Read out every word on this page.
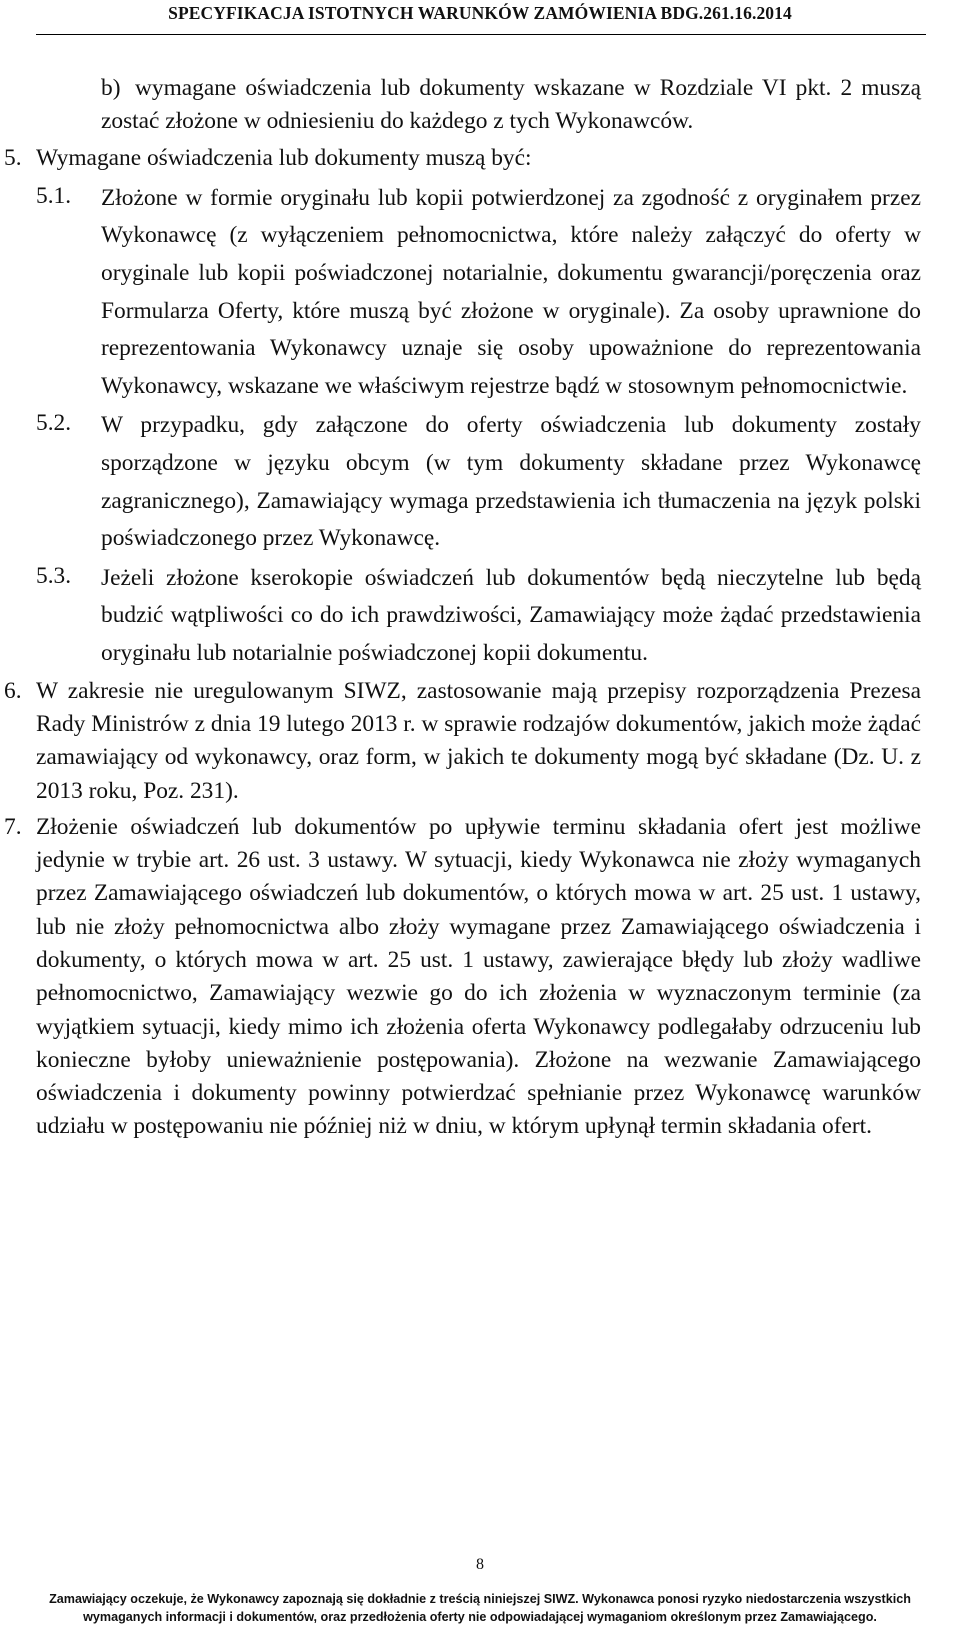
SPECYFIKACJA ISTOTNYCH WARUNKÓW ZAMÓWIENIA BDG.261.16.2014
b) wymagane oświadczenia lub dokumenty wskazane w Rozdziale VI pkt. 2 muszą zostać złożone w odniesieniu do każdego z tych Wykonawców.
5. Wymagane oświadczenia lub dokumenty muszą być:
5.1. Złożone w formie oryginału lub kopii potwierdzonej za zgodność z oryginałem przez Wykonawcę (z wyłączeniem pełnomocnictwa, które należy załączyć do oferty w oryginale lub kopii poświadczonej notarialnie, dokumentu gwarancji/poręczenia oraz Formularza Oferty, które muszą być złożone w oryginale). Za osoby uprawnione do reprezentowania Wykonawcy uznaje się osoby upoważnione do reprezentowania Wykonawcy, wskazane we właściwym rejestrze bądź w stosownym pełnomocnictwie.
5.2. W przypadku, gdy załączone do oferty oświadczenia lub dokumenty zostały sporządzone w języku obcym (w tym dokumenty składane przez Wykonawcę zagranicznego), Zamawiający wymaga przedstawienia ich tłumaczenia na język polski poświadczonego przez Wykonawcę.
5.3. Jeżeli złożone kserokopie oświadczeń lub dokumentów będą nieczytelne lub będą budzić wątpliwości co do ich prawdziwości, Zamawiający może żądać przedstawienia oryginału lub notarialnie poświadczonej kopii dokumentu.
6. W zakresie nie uregulowanym SIWZ, zastosowanie mają przepisy rozporządzenia Prezesa Rady Ministrów z dnia 19 lutego 2013 r. w sprawie rodzajów dokumentów, jakich może żądać zamawiający od wykonawcy, oraz form, w jakich te dokumenty mogą być składane (Dz. U. z 2013 roku, Poz. 231).
7. Złożenie oświadczeń lub dokumentów po upływie terminu składania ofert jest możliwe jedynie w trybie art. 26 ust. 3 ustawy. W sytuacji, kiedy Wykonawca nie złoży wymaganych przez Zamawiającego oświadczeń lub dokumentów, o których mowa w art. 25 ust. 1 ustawy, lub nie złoży pełnomocnictwa albo złoży wymagane przez Zamawiającego oświadczenia i dokumenty, o których mowa w art. 25 ust. 1 ustawy, zawierające błędy lub złoży wadliwe pełnomocnictwo, Zamawiający wezwie go do ich złożenia w wyznaczonym terminie (za wyjątkiem sytuacji, kiedy mimo ich złożenia oferta Wykonawcy podlegałaby odrzuceniu lub konieczne byłoby unieważnienie postępowania). Złożone na wezwanie Zamawiającego oświadczenia i dokumenty powinny potwierdzać spełnianie przez Wykonawcę warunków udziału w postępowaniu nie później niż w dniu, w którym upłynął termin składania ofert.
8
Zamawiający oczekuje, że Wykonawcy zapoznają się dokładnie z treścią niniejszej SIWZ. Wykonawca ponosi ryzyko niedostarczenia wszystkich
wymaganych informacji i dokumentów, oraz przedłożenia oferty nie odpowiadającej wymaganiom określonym przez Zamawiającego.
